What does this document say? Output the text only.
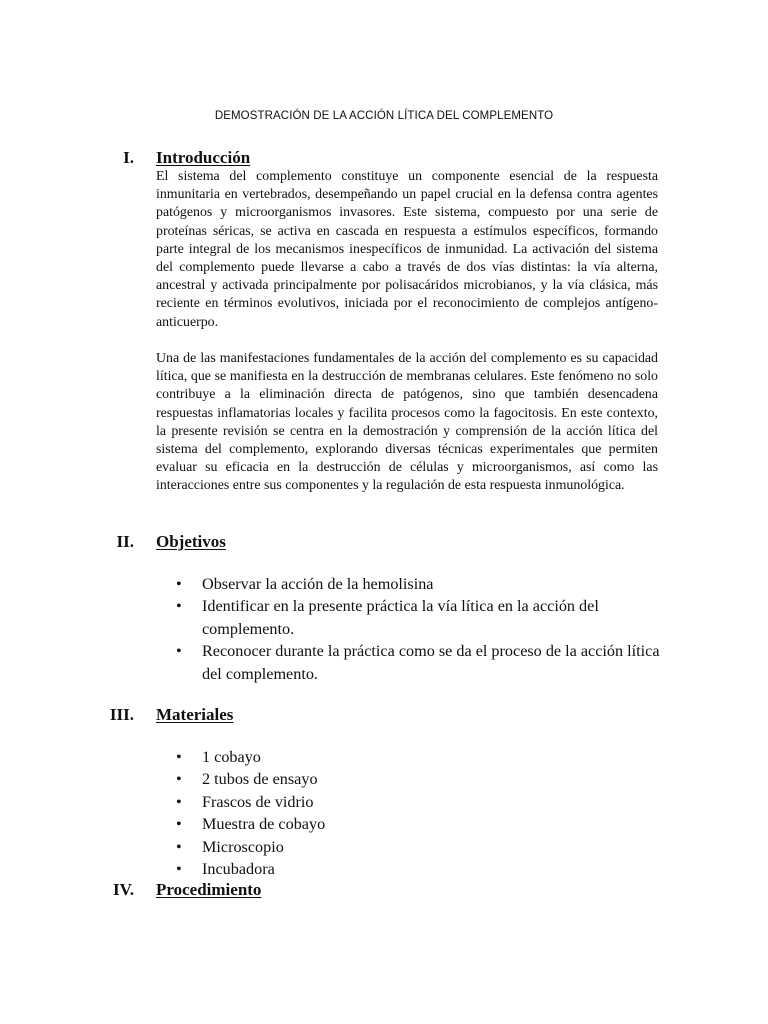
DEMOSTRACIÓN DE LA ACCIÓN LÍTICA DEL COMPLEMENTO
I. Introducción

El sistema del complemento constituye un componente esencial de la respuesta inmunitaria en vertebrados, desempeñando un papel crucial en la defensa contra agentes patógenos y microorganismos invasores. Este sistema, compuesto por una serie de proteínas séricas, se activa en cascada en respuesta a estímulos específicos, formando parte integral de los mecanismos inespecíficos de inmunidad. La activación del sistema del complemento puede llevarse a cabo a través de dos vías distintas: la vía alterna, ancestral y activada principalmente por polisacáridos microbianos, y la vía clásica, más reciente en términos evolutivos, iniciada por el reconocimiento de complejos antígeno-anticuerpo.

Una de las manifestaciones fundamentales de la acción del complemento es su capacidad lítica, que se manifiesta en la destrucción de membranas celulares. Este fenómeno no solo contribuye a la eliminación directa de patógenos, sino que también desencadena respuestas inflamatorias locales y facilita procesos como la fagocitosis. En este contexto, la presente revisión se centra en la demostración y comprensión de la acción lítica del sistema del complemento, explorando diversas técnicas experimentales que permiten evaluar su eficacia en la destrucción de células y microorganismos, así como las interacciones entre sus componentes y la regulación de esta respuesta inmunológica.

II. Objetivos
• Observar la acción de la hemolisina
• Identificar en la presente práctica la vía lítica en la acción del complemento.
• Reconocer durante la práctica como se da el proceso de la acción lítica del complemento.
III. Materiales
• 1 cobayo
• 2 tubos de ensayo
• Frascos de vidrio
• Muestra de cobayo
• Microscopio
• Incubadora
IV. Procedimiento
